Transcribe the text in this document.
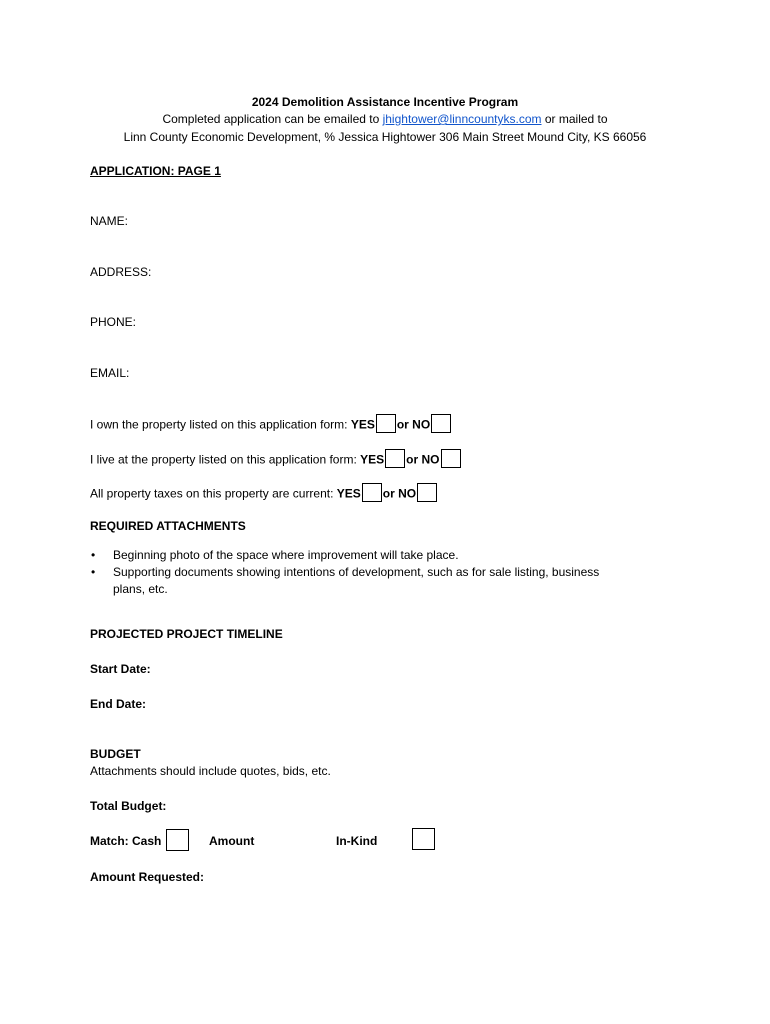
2024 Demolition Assistance Incentive Program
Completed application can be emailed to jhightower@linncountyks.com or mailed to
Linn County Economic Development, % Jessica Hightower 306 Main Street Mound City, KS 66056
APPLICATION: PAGE 1
NAME:
ADDRESS:
PHONE:
EMAIL:
I own the property listed on this application form: YES or NO
I live at the property listed on this application form: YES or NO
All property taxes on this property are current: YES or NO
REQUIRED ATTACHMENTS
• Beginning photo of the space where improvement will take place.
• Supporting documents showing intentions of development, such as for sale listing, business
plans, etc.
PROJECTED PROJECT TIMELINE
Start Date:
End Date:
BUDGET
Attachments should include quotes, bids, etc.
Total Budget:
Match: Cash
	Amount	In-Kind
Amount Requested:
